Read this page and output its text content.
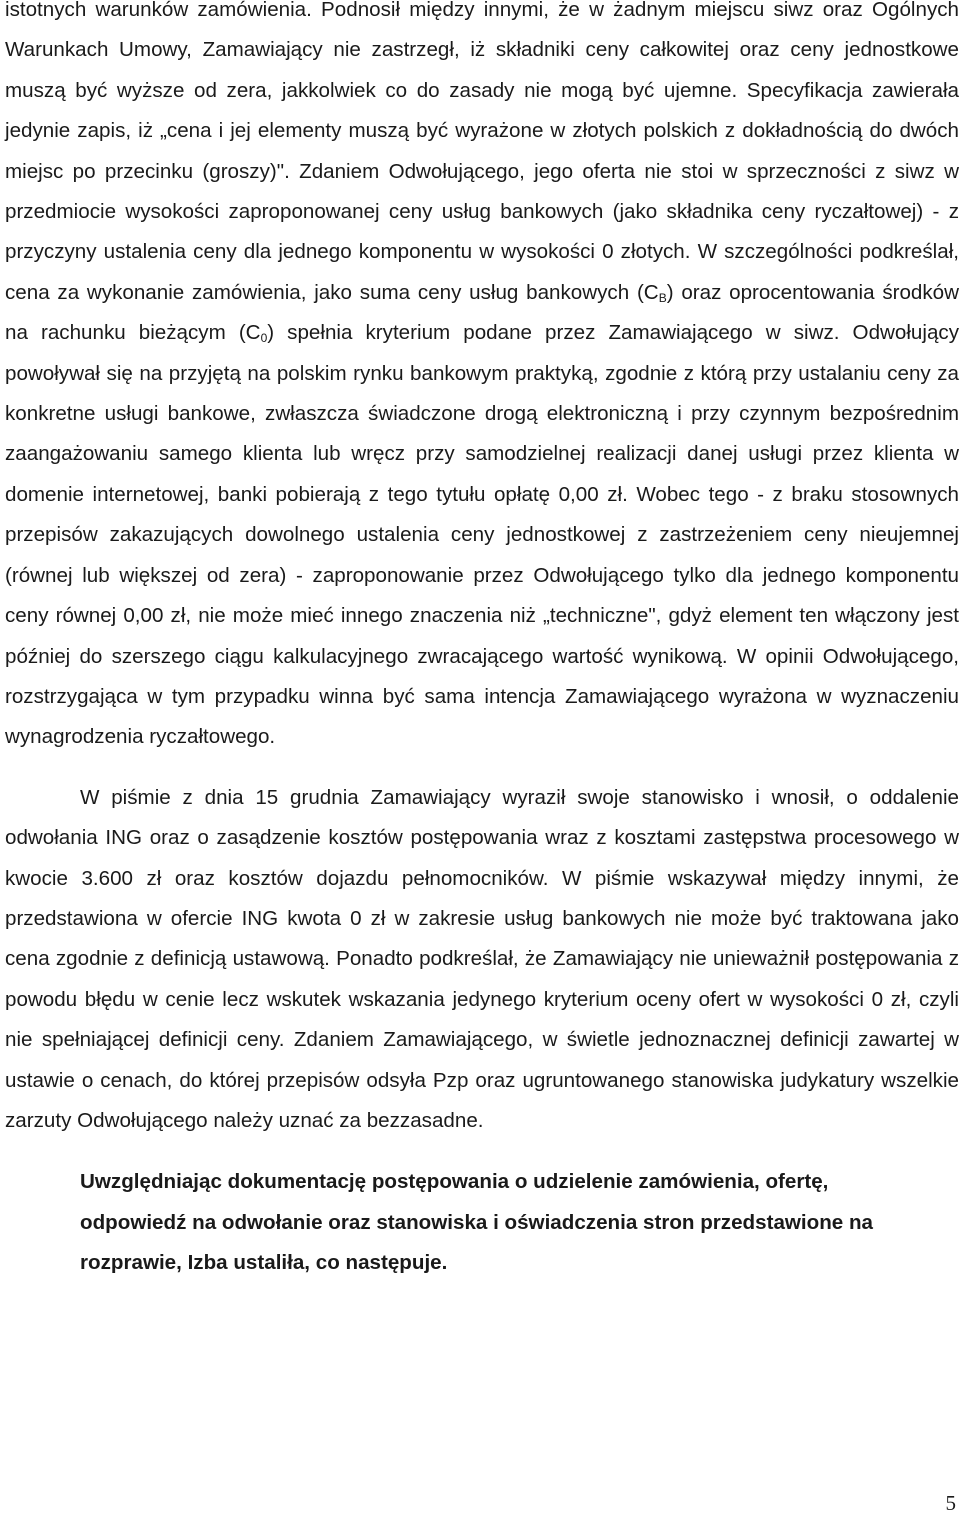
istotnych warunków zamówienia. Podnosił między innymi, że w żadnym miejscu siwz oraz Ogólnych Warunkach Umowy, Zamawiający nie zastrzegł, iż składniki ceny całkowitej oraz ceny jednostkowe muszą być wyższe od zera, jakkolwiek co do zasady nie mogą być ujemne. Specyfikacja zawierała jedynie zapis, iż „cena i jej elementy muszą być wyrażone w złotych polskich z dokładnością do dwóch miejsc po przecinku (groszy)". Zdaniem Odwołującego, jego oferta nie stoi w sprzeczności z siwz w przedmiocie wysokości zaproponowanej ceny usług bankowych (jako składnika ceny ryczałtowej) - z przyczyny ustalenia ceny dla jednego komponentu w wysokości 0 złotych. W szczególności podkreślał, cena za wykonanie zamówienia, jako suma ceny usług bankowych $(C_B)$ oraz oprocentowania środków na rachunku bieżącym $(C_0)$ spełnia kryterium podane przez Zamawiającego w siwz. Odwołujący powoływał się na przyjętą na polskim rynku bankowym praktyką, zgodnie z którą przy ustalaniu ceny za konkretne usługi bankowe, zwłaszcza świadczone drogą elektroniczną i przy czynnym bezpośrednim zaangażowaniu samego klienta lub wręcz przy samodzielnej realizacji danej usługi przez klienta w domenie internetowej, banki pobierają z tego tytułu opłatę 0,00 zł. Wobec tego - z braku stosownych przepisów zakazujących dowolnego ustalenia ceny jednostkowej z zastrzeżeniem ceny nieujemnej (równej lub większej od zera) - zaproponowanie przez Odwołującego tylko dla jednego komponentu ceny równej 0,00 zł, nie może mieć innego znaczenia niż „techniczne", gdyż element ten włączony jest później do szerszego ciągu kalkulacyjnego zwracającego wartość wynikową. W opinii Odwołującego, rozstrzygająca w tym przypadku winna być sama intencja Zamawiającego wyrażona w wyznaczeniu wynagrodzenia ryczałtowego.

W piśmie z dnia 15 grudnia Zamawiający wyraził swoje stanowisko i wnosił, o oddalenie odwołania ING oraz o zasądzenie kosztów postępowania wraz z kosztami zastępstwa procesowego w kwocie 3.600 zł oraz kosztów dojazdu pełnomocników. W piśmie wskazywał między innymi, że przedstawiona w ofercie ING kwota 0 zł w zakresie usług bankowych nie może być traktowana jako cena zgodnie z definicją ustawową. Ponadto podkreślał, że Zamawiający nie unieważnił postępowania z powodu błędu w cenie lecz wskutek wskazania jedynego kryterium oceny ofert w wysokości 0 zł, czyli nie spełniającej definicji ceny. Zdaniem Zamawiającego, w świetle jednoznacznej definicji zawartej w ustawie o cenach, do której przepisów odsyła Pzp oraz ugruntowanego stanowiska judykatury wszelkie zarzuty Odwołującego należy uznać za bezzasadne.

Uwzględniając dokumentację postępowania o udzielenie zamówienia, ofertę,
odpowiedź na odwołanie oraz stanowiska i oświadczenia stron przedstawione na
rozprawie, Izba ustaliła, co następuje.

5
